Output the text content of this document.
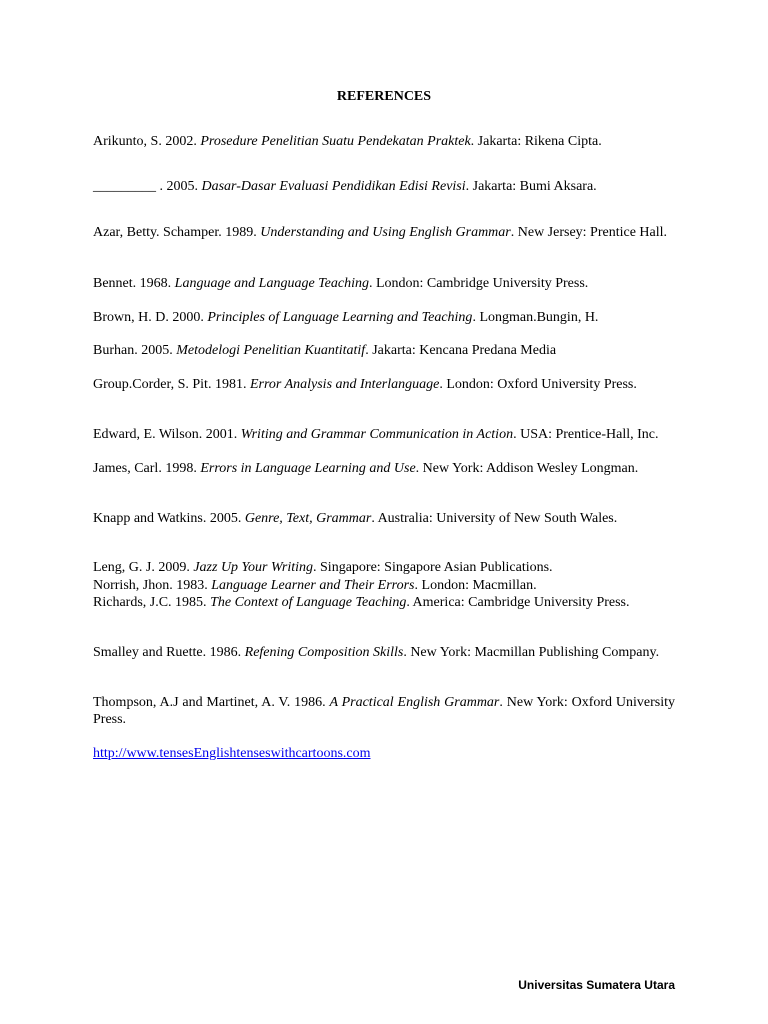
REFERENCES
Arikunto, S. 2002. Prosedure Penelitian Suatu Pendekatan Praktek. Jakarta: Rikena Cipta.
_________ . 2005. Dasar-Dasar Evaluasi Pendidikan Edisi Revisi. Jakarta: Bumi Aksara.
Azar, Betty. Schamper. 1989. Understanding and Using English Grammar. New Jersey: Prentice Hall.
Bennet. 1968. Language and Language Teaching. London: Cambridge University Press.
Brown, H. D. 2000. Principles of Language Learning and Teaching. Longman.Bungin, H.
Burhan. 2005. Metodelogi Penelitian Kuantitatif. Jakarta: Kencana Predana Media
Group.Corder, S. Pit. 1981. Error Analysis and Interlanguage. London: Oxford University Press.
Edward, E. Wilson. 2001. Writing and Grammar Communication in Action. USA: Prentice-Hall, Inc.
James, Carl. 1998. Errors in Language Learning and Use. New York: Addison Wesley Longman.
Knapp and Watkins. 2005. Genre, Text, Grammar. Australia: University of New South Wales.
Leng, G. J. 2009. Jazz Up Your Writing. Singapore: Singapore Asian Publications.
Norrish, Jhon. 1983. Language Learner and Their Errors. London: Macmillan.
Richards, J.C. 1985. The Context of Language Teaching. America: Cambridge University Press.
Smalley and Ruette. 1986. Refening Composition Skills. New York: Macmillan Publishing Company.
Thompson, A.J and Martinet, A. V. 1986. A Practical English Grammar. New York: Oxford University Press.
http://www.tensesEnglishtenseswithcartoons.com
Universitas Sumatera Utara
